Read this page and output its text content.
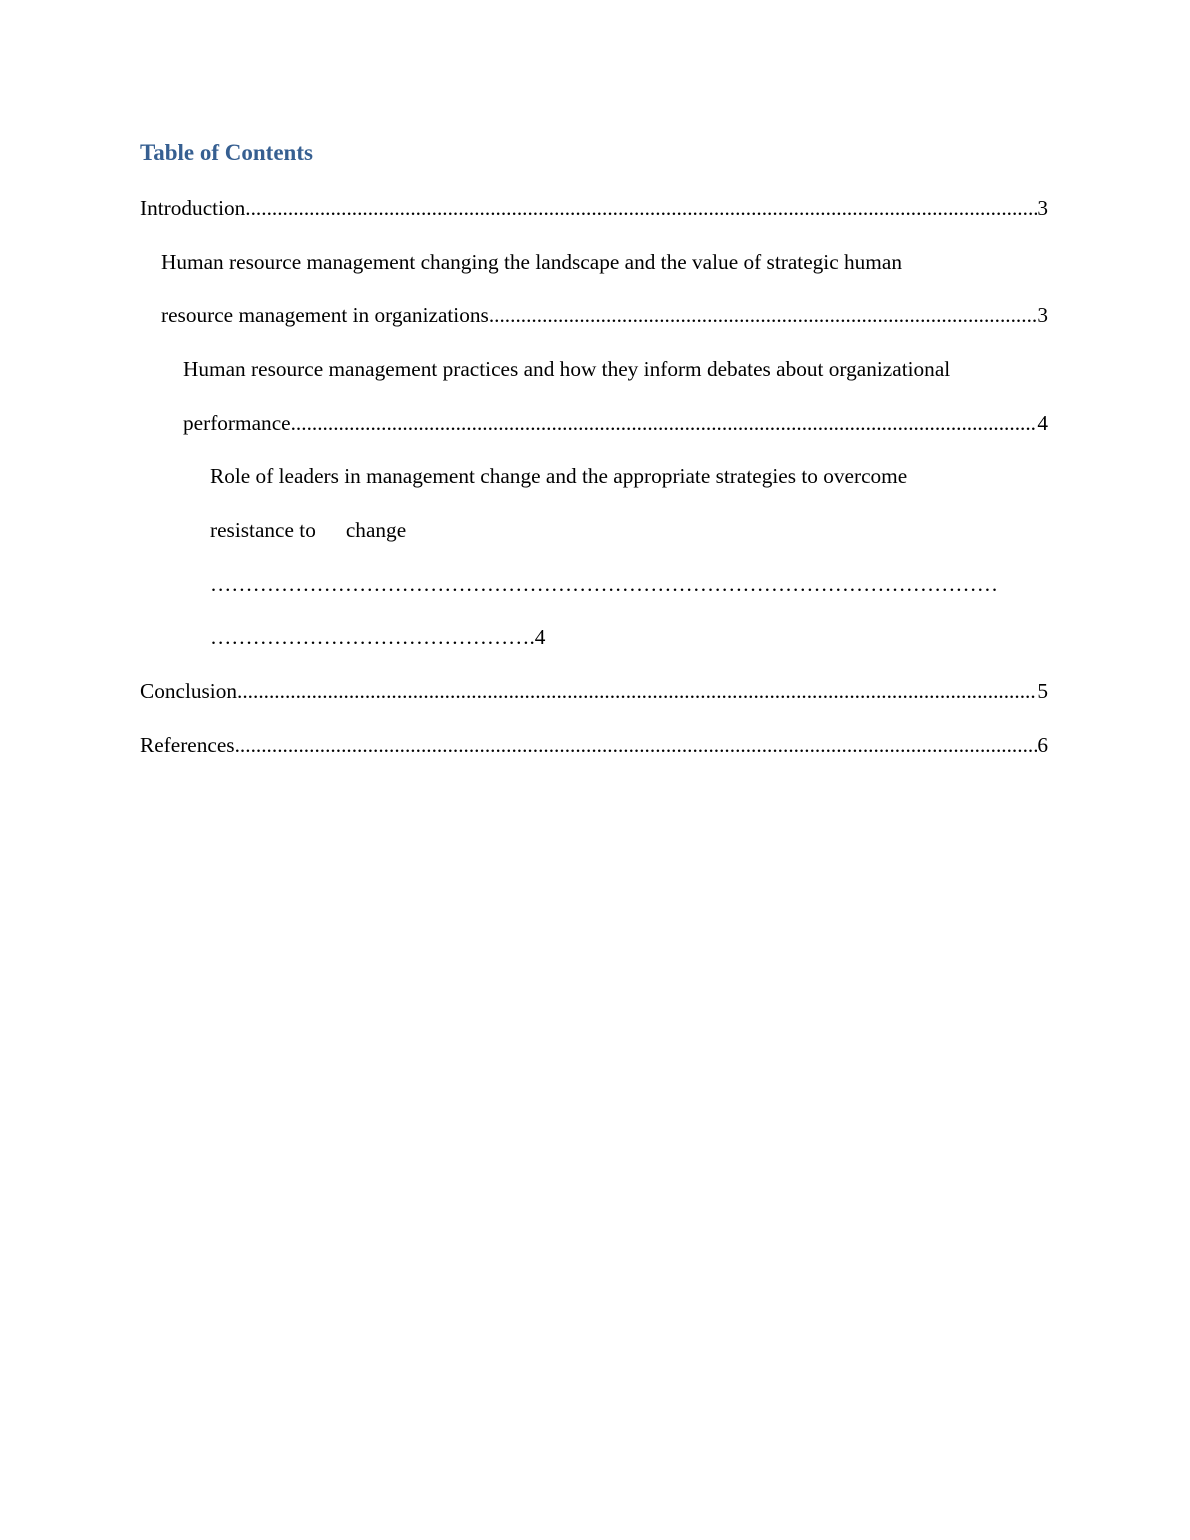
Table of Contents
Introduction .....	3
Human resource management changing the landscape and the value of strategic human
resource management in organizations .....	3
Human resource management practices and how they inform debates about organizational
performance .....	4
Role of leaders in management change and the appropriate strategies to overcome
resistance to change
…………………………………………………………………………………………………
……………………………………….4
Conclusion .....	5
References .....	6
